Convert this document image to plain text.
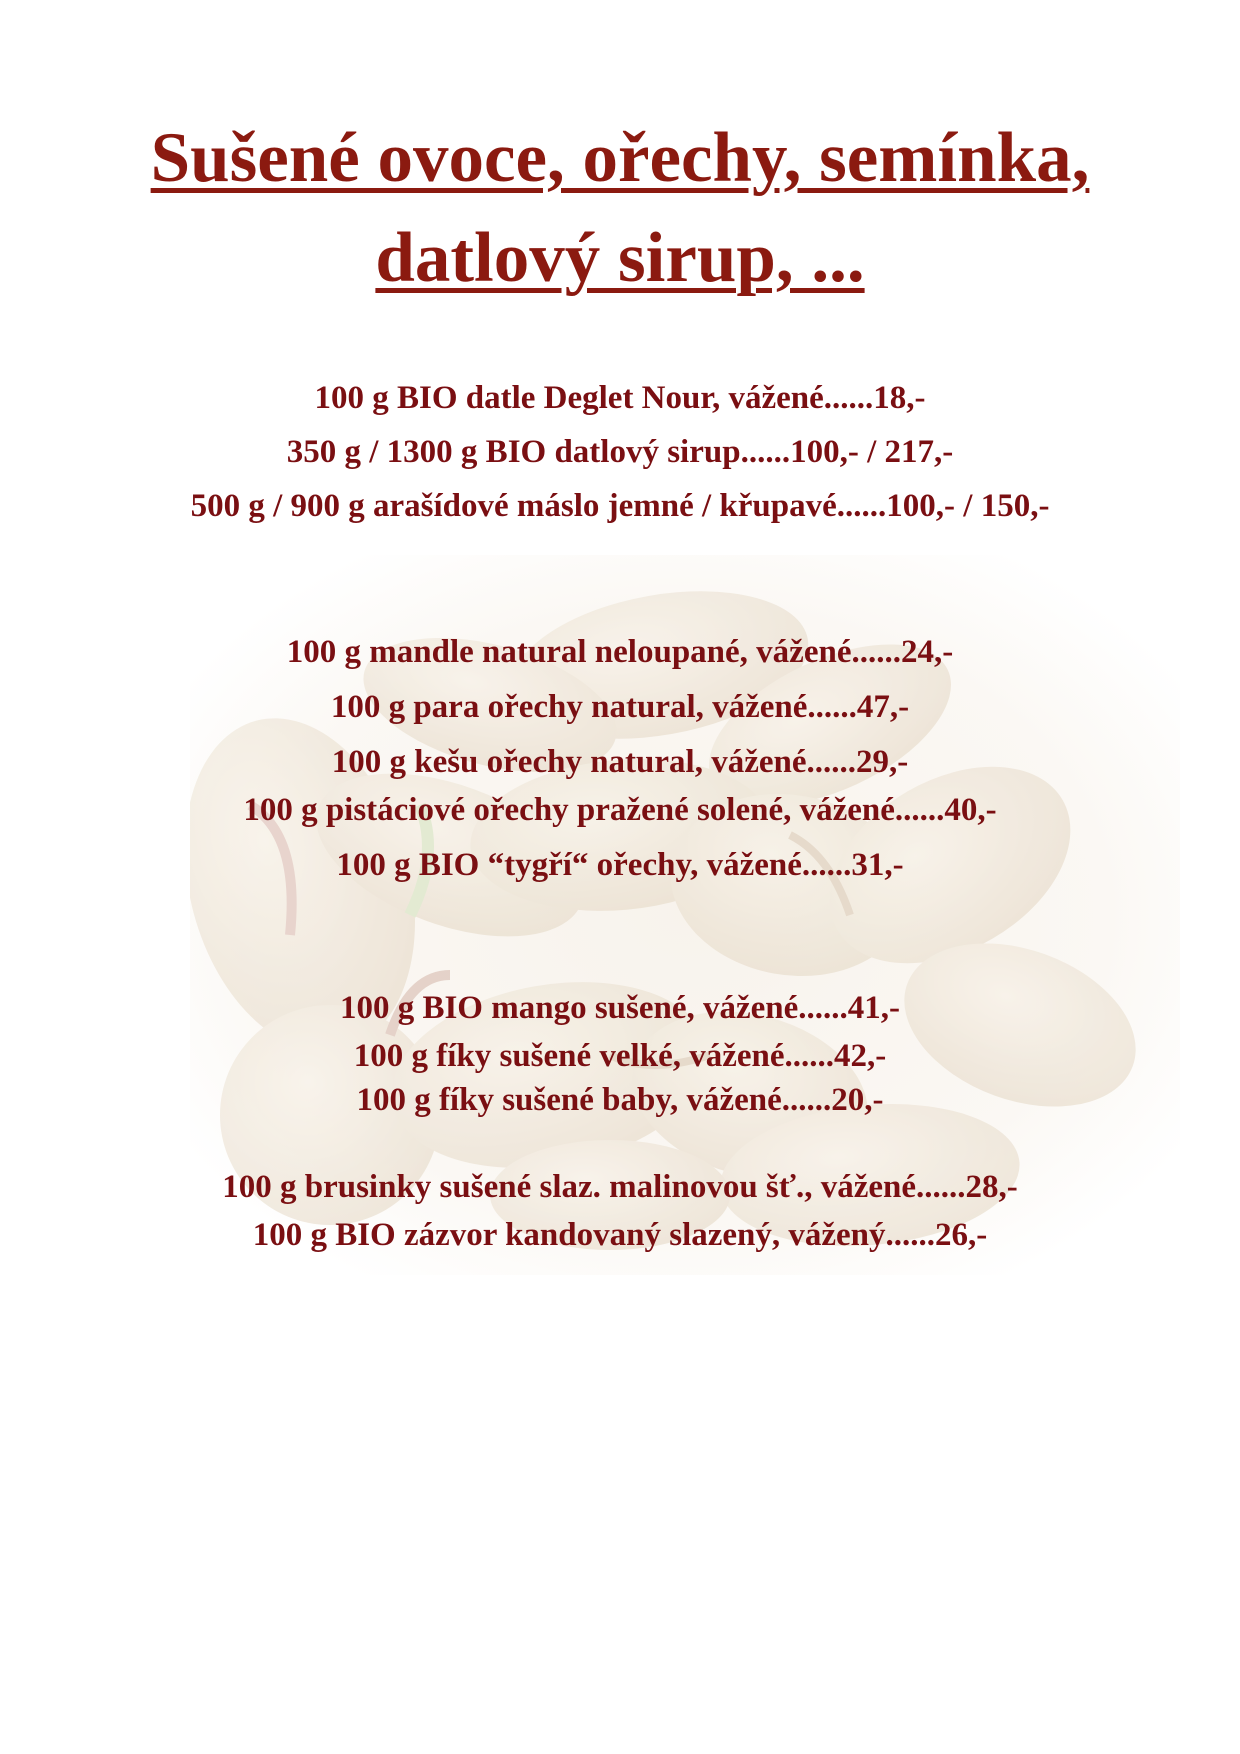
Sušené ovoce, ořechy, semínka,
datlový sirup, ...
100 g BIO datle Deglet Nour, vážené......18,-
350 g / 1300 g BIO datlový sirup......100,- / 217,-
500 g / 900 g arašídové máslo jemné / křupavé......100,- / 150,-
100 g mandle natural neloupané, vážené......24,-
100 g para ořechy natural, vážené......47,-
100 g kešu ořechy natural, vážené......29,-
100 g pistáciové ořechy pražené solené, vážené......40,-
100 g BIO “tygří“ ořechy, vážené......31,-
100 g BIO mango sušené, vážené......41,-
100 g fíky sušené velké, vážené......42,-
100 g fíky sušené baby, vážené......20,-
100 g brusinky sušené slaz. malinovou šť., vážené......28,-
100 g BIO zázvor kandovaný slazený, vážený......26,-
